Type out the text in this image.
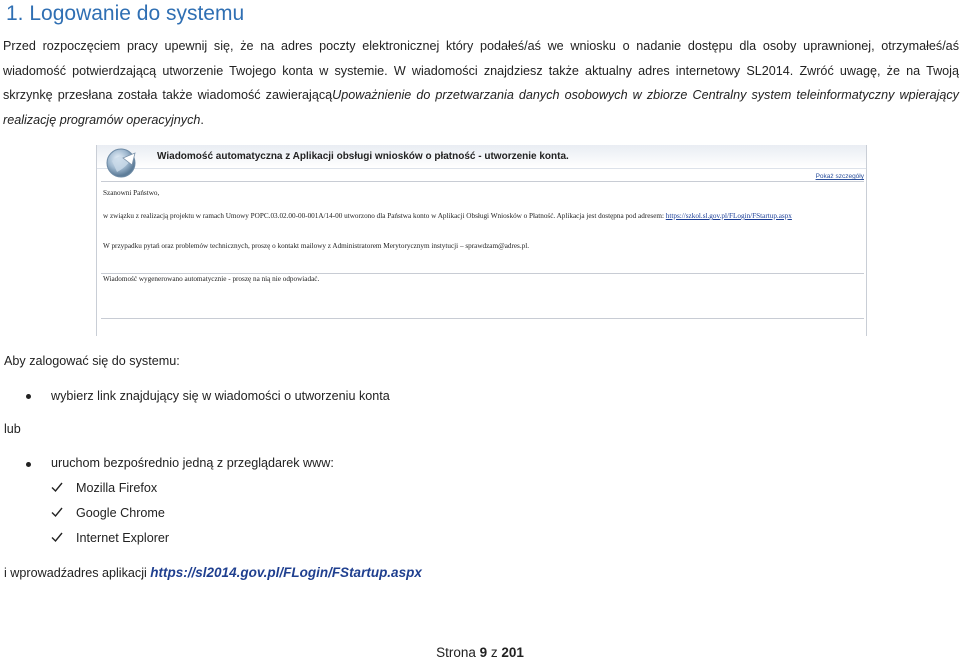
1. Logowanie do systemu
Przed rozpoczęciem pracy upewnij się, że na adres poczty elektronicznej który podałeś/aś we wniosku o nadanie dostępu dla osoby uprawnionej, otrzymałeś/aś wiadomość potwierdzającą utworzenie Twojego konta w systemie. W wiadomości znajdziesz także aktualny adres internetowy SL2014. Zwróć uwagę, że na Twoją skrzynkę przesłana została także wiadomość zawierającąUpoważnienie do przetwarzania danych osobowych w zbiorze Centralny system teleinformatyczny wpierający realizację programów operacyjnych.
Wiadomość automatyczna z Aplikacji obsługi wniosków o płatność - utworzenie konta.
Pokaż szczegóły
Szanowni Państwo,
w związku z realizacją projektu w ramach Umowy POPC.03.02.00-00-001A/14-00 utworzono dla Państwa konto w Aplikacji Obsługi Wniosków o Płatność. Aplikacja jest dostępna pod adresem: https://szkol.sl.gov.pl/FLogin/FStartup.aspx
W przypadku pytań oraz problemów technicznych, proszę o kontakt mailowy z Administratorem Merytorycznym instytucji – sprawdzam@adres.pl.
Wiadomość wygenerowano automatycznie - proszę na nią nie odpowiadać.
Aby zalogować się do systemu:
wybierz link znajdujący się w wiadomości o utworzeniu konta
lub
uruchom bezpośrednio jedną z przeglądarek www:
Mozilla Firefox
Google Chrome
Internet Explorer
i wprowadźadres aplikacji https://sl2014.gov.pl/FLogin/FStartup.aspx
Strona 9 z 201
